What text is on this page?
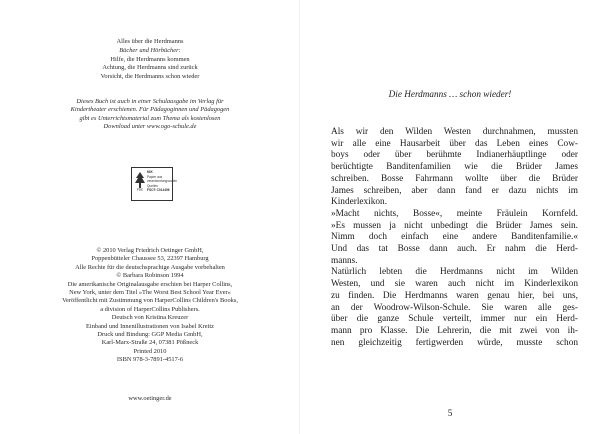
Alles über die Herdmanns
Bücher und Hörbücher:
Hilfe, die Herdmanns kommen
Achtung, die Herdmanns sind zurück
Vorsicht, die Herdmanns schon wieder
Dieses Buch ist auch in einer Schulausgabe im Verlag für
Kindertheater erschienen. Für Pädagoginnen und Pädagogen
gibt es Unterrichtsmaterial zum Thema als kostenlosen
Download unter www.ogo-schule.de
FSC
MIX
Papier aus verantwortungsvollen Quellen
FSC® C014496
© 2010 Verlag Friedrich Oetinger GmbH,
Poppenbütteler Chaussee 53, 22397 Hamburg
Alle Rechte für die deutschsprachige Ausgabe vorbehalten
© Barbara Robinson 1994
Die amerikanische Originalausgabe erschien bei Harper Collins,
New York, unter dem Titel »The Worst Best School Year Ever«
Veröffentlicht mit Zustimmung von HarperCollins Children's Books,
a division of HarperCollins Publishers.
Deutsch von Kristina Kreuzer
Einband und Innenillustrationen von Isabel Kreitz
Druck und Bindung: GGP Media GmbH,
Karl-Marx-Straße 24, 07381 Pößneck
Printed 2010
ISBN 978-3-7891-4517-6
www.oetinger.de
Die Herdmanns … schon wieder!
Als wir den Wilden Westen durchnahmen, mussten
wir alle eine Hausarbeit über das Leben eines Cow-
boys oder über berühmte Indianerhäuptlinge oder
berüchtigte Banditenfamilien wie die Brüder James
schreiben. Bosse Fahrmann wollte über die Brüder
James schreiben, aber dann fand er dazu nichts im
Kinderlexikon.
»Macht nichts, Bosse«, meinte Fräulein Kornfeld.
»Es mussen ja nicht unbedingt die Brüder James sein.
Nimm doch einfach eine andere Banditenfamilie.«
Und das tat Bosse dann auch. Er nahm die Herd-
manns.
Natürlich lebten die Herdmanns nicht im Wilden
Westen, und sie waren auch nicht im Kinderlexikon
zu finden. Die Herdmanns waren genau hier, bei uns,
an der Woodrow-Wilson-Schule. Sie waren alle ges-
über die ganze Schule verteilt, immer nur ein Herd-
mann pro Klasse. Die Lehrerin, die mit zwei von ih-
nen gleichzeitig fertigwerden würde, musste schon
5
